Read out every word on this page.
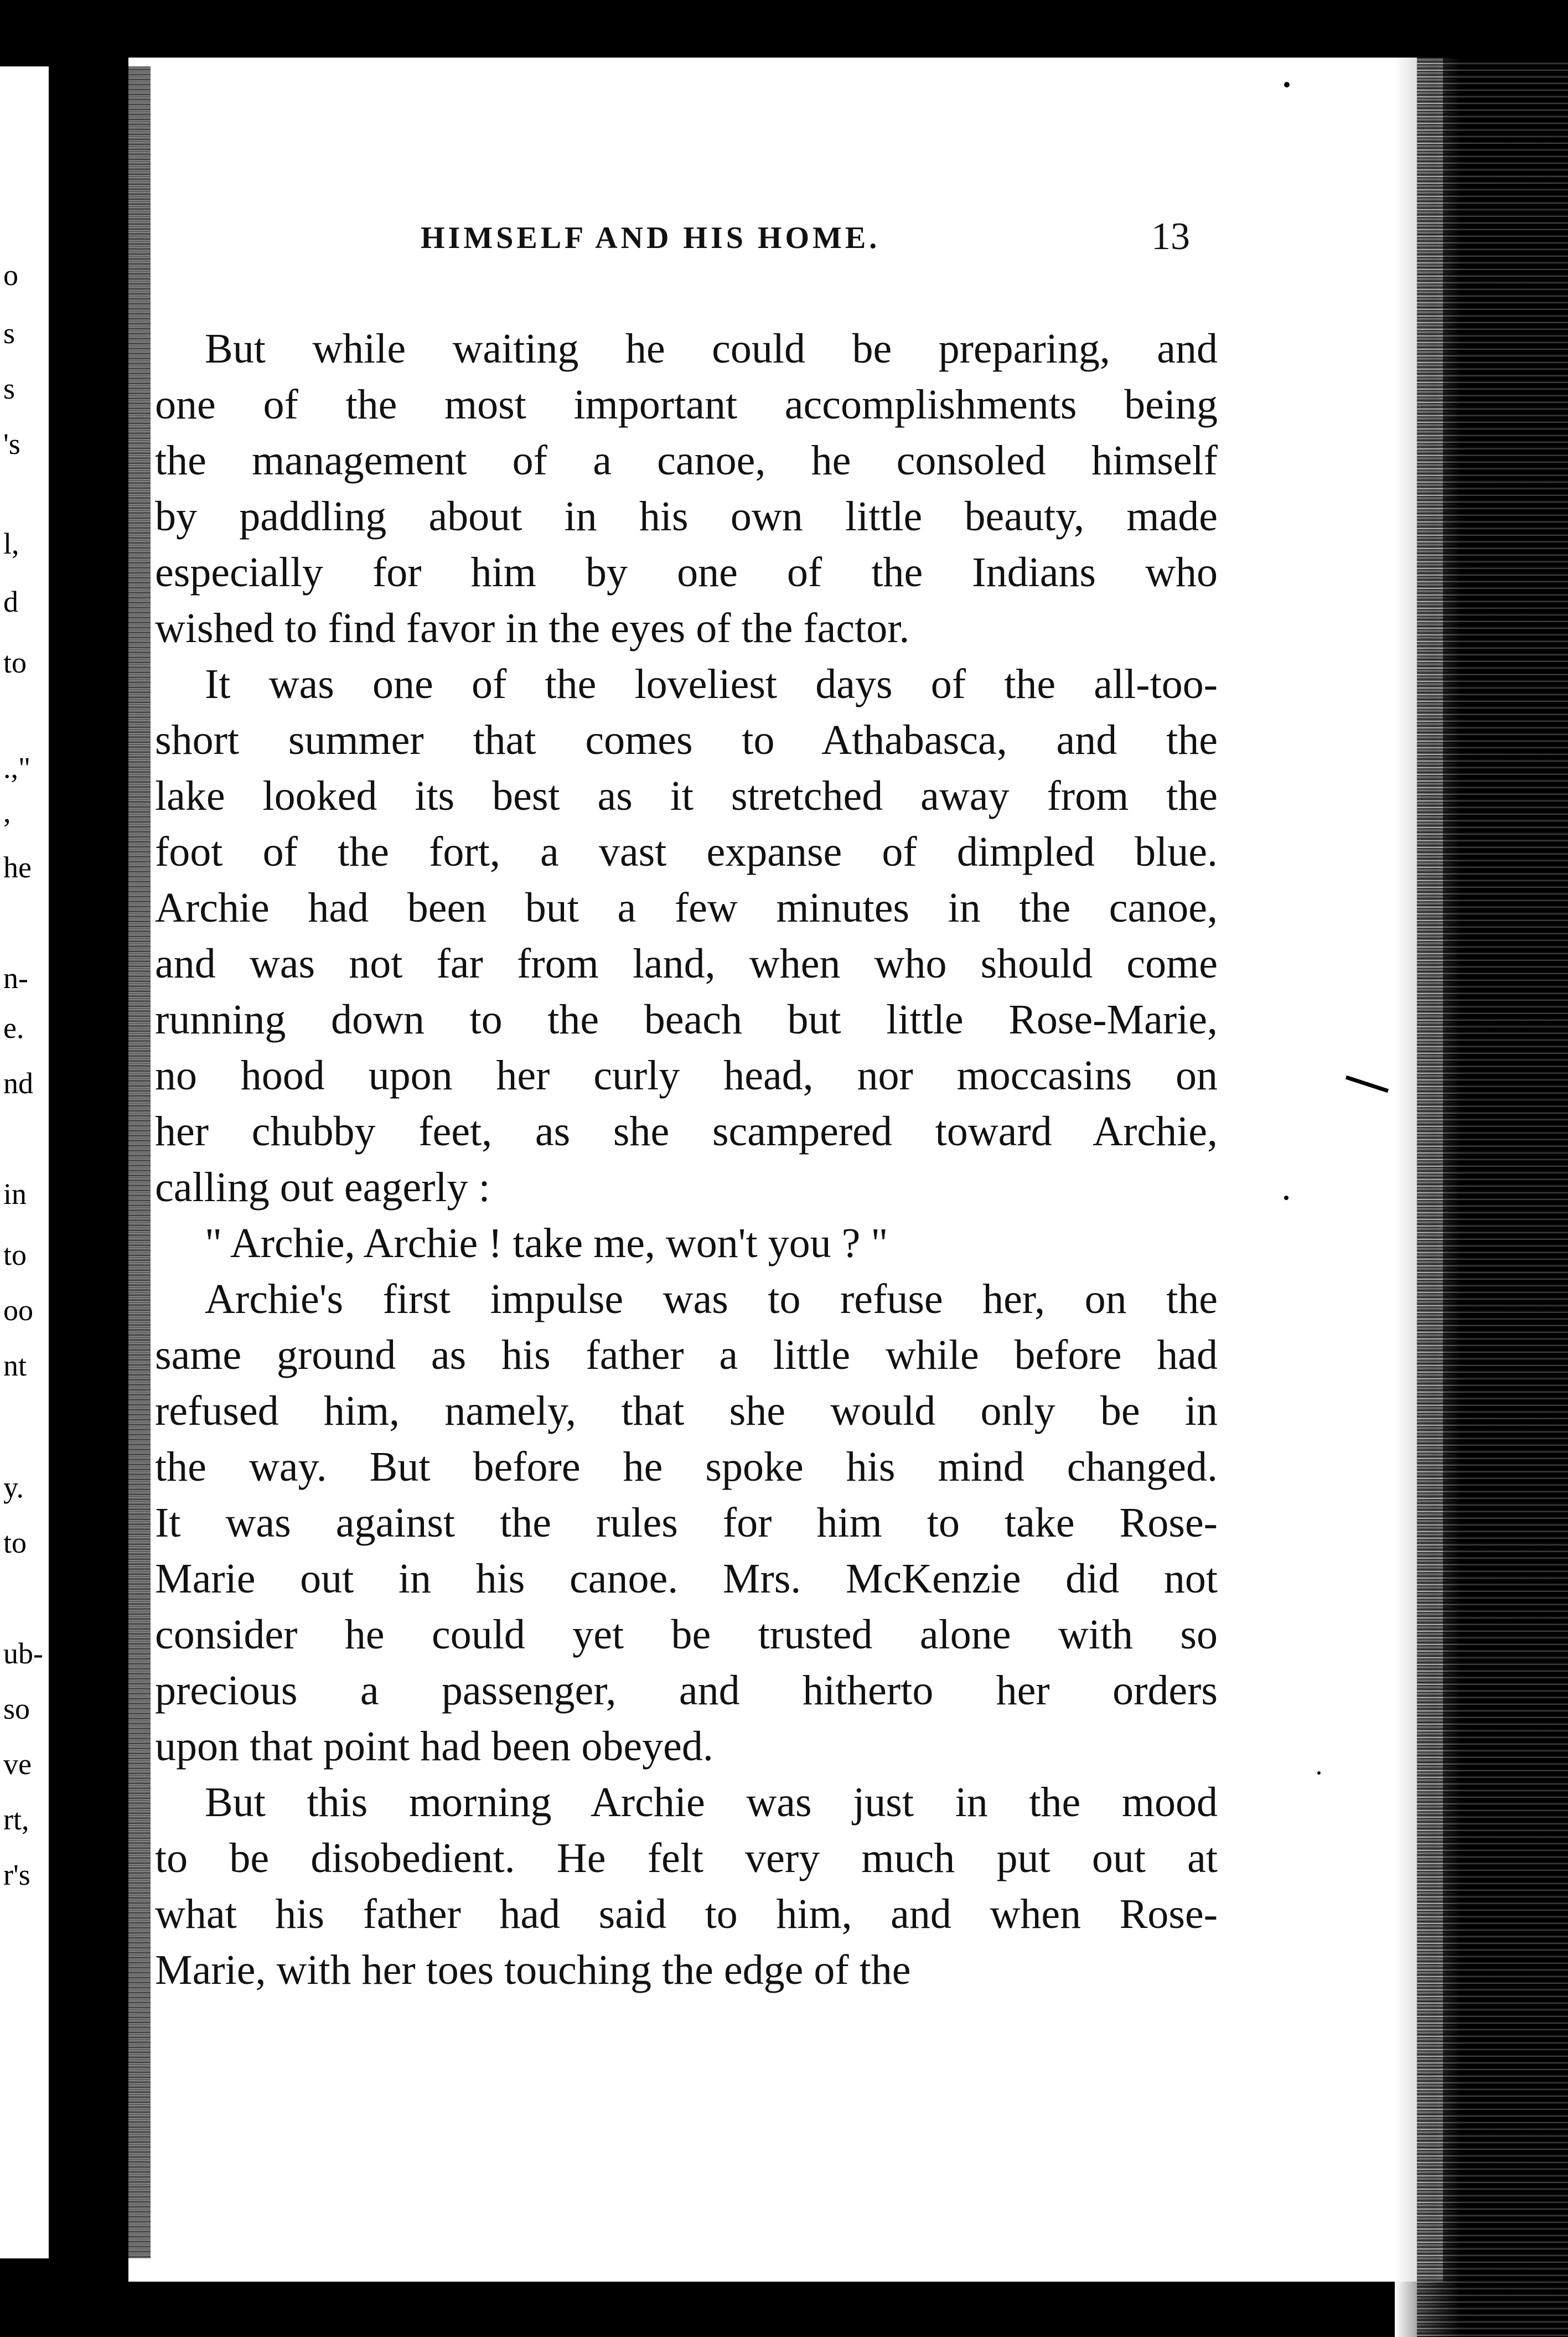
o
s
s
's
l,
d
to
.,"
,
he
n-
e.
nd
in
to
oo
nt
y.
to
ub-
so
ve
rt,
r's
HIMSELF AND HIS HOME.	13
But while waiting he could be preparing, and
one of the most important accomplishments being
the management of a canoe, he consoled himself
by paddling about in his own little beauty, made
especially for him by one of the Indians who
wished to find favor in the eyes of the factor.
It was one of the loveliest days of the all-too-
short summer that comes to Athabasca, and the
lake looked its best as it stretched away from the
foot of the fort, a vast expanse of dimpled blue.
Archie had been but a few minutes in the canoe,
and was not far from land, when who should come
running down to the beach but little Rose-Marie,
no hood upon her curly head, nor moccasins on
her chubby feet, as she scampered toward Archie,
calling out eagerly :
" Archie, Archie ! take me, won't you ? "
Archie's first impulse was to refuse her, on the
same ground as his father a little while before had
refused him, namely, that she would only be in
the way. But before he spoke his mind changed.
It was against the rules for him to take Rose-
Marie out in his canoe. Mrs. McKenzie did not
consider he could yet be trusted alone with so
precious a passenger, and hitherto her orders
upon that point had been obeyed.
But this morning Archie was just in the mood
to be disobedient. He felt very much put out at
what his father had said to him, and when Rose-
Marie, with her toes touching the edge of the
